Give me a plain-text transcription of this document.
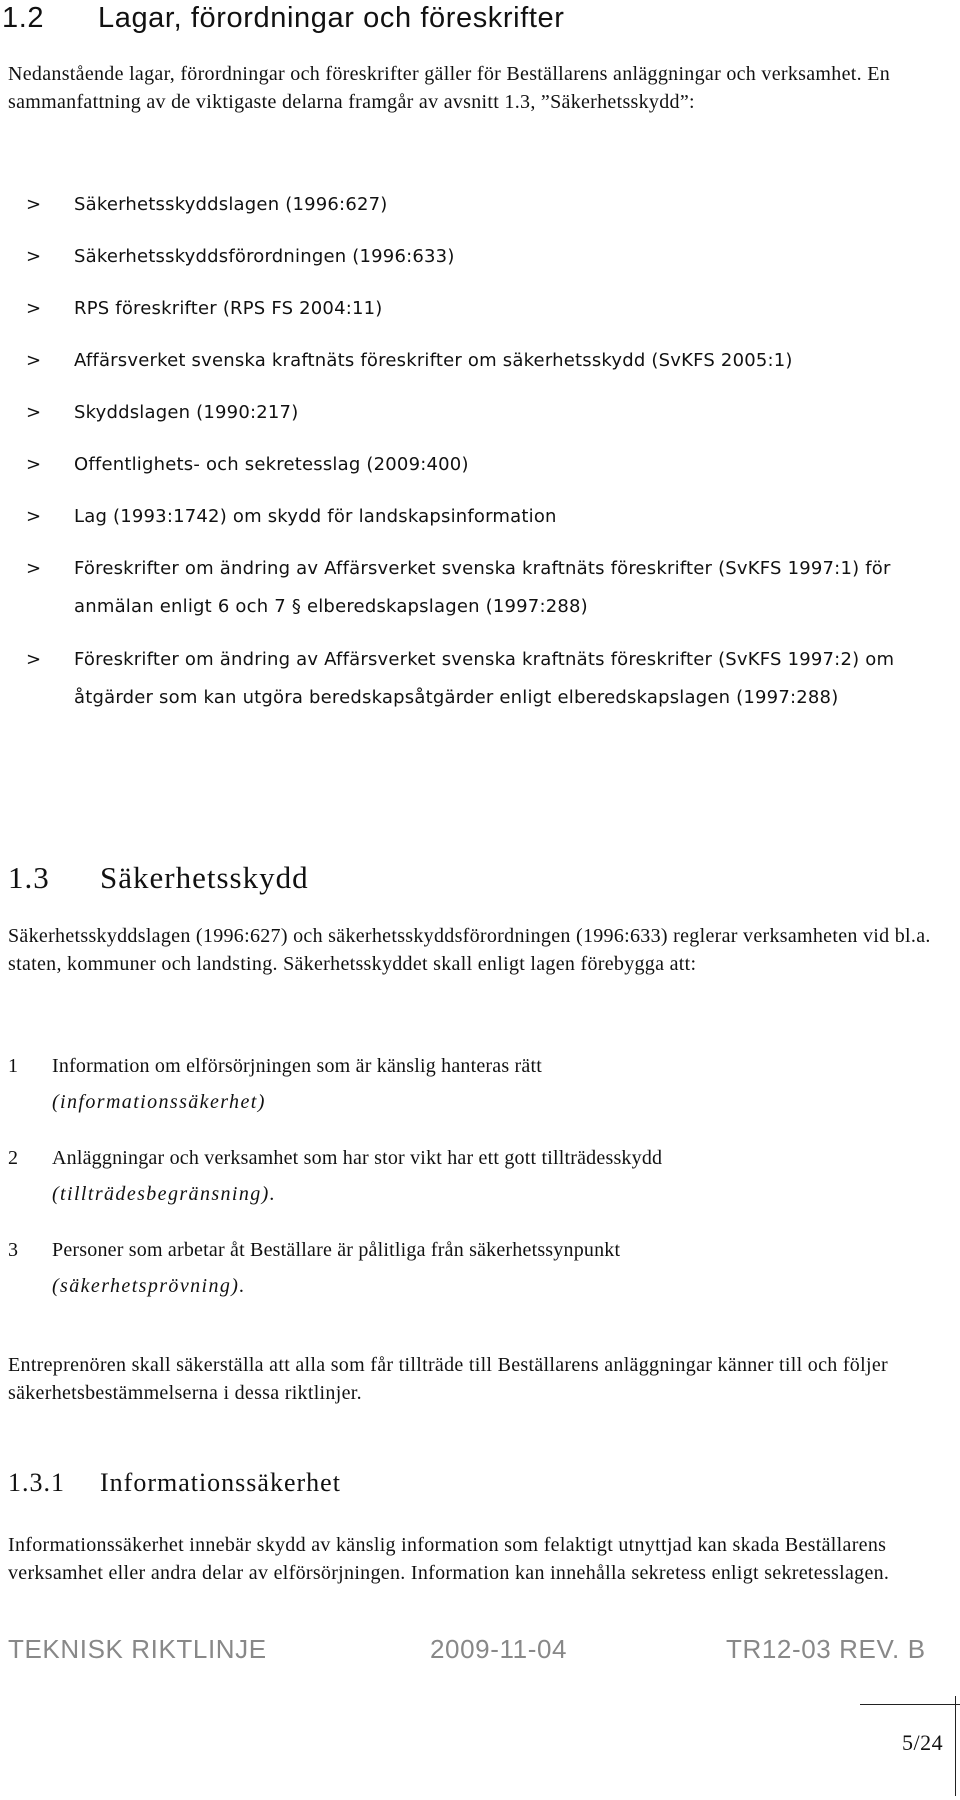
1.2 Lagar, förordningar och föreskrifter
Nedanstående lagar, förordningar och föreskrifter gäller för Beställarens anläggningar och verksamhet. En sammanfattning av de viktigaste delarna framgår av avsnitt 1.3, ”Säkerhetsskydd”:
> Säkerhetsskyddslagen (1996:627)
> Säkerhetsskyddsförordningen (1996:633)
> RPS föreskrifter (RPS FS 2004:11)
> Affärsverket svenska kraftnäts föreskrifter om säkerhetsskydd (SvKFS 2005:1)
> Skyddslagen (1990:217)
> Offentlighets- och sekretesslag (2009:400)
> Lag (1993:1742) om skydd för landskapsinformation
> Föreskrifter om ändring av Affärsverket svenska kraftnäts föreskrifter (SvKFS 1997:1) för anmälan enligt 6 och 7 § elberedskapslagen (1997:288)
> Föreskrifter om ändring av Affärsverket svenska kraftnäts föreskrifter (SvKFS 1997:2) om åtgärder som kan utgöra beredskapsåtgärder enligt elberedskapslagen (1997:288)
1.3 Säkerhetsskydd
Säkerhetsskyddslagen (1996:627) och säkerhetsskyddsförordningen (1996:633) reglerar verksamheten vid bl.a. staten, kommuner och landsting. Säkerhetsskyddet skall enligt lagen förebygga att:
1 Information om elförsörjningen som är känslig hanteras rätt
(informationssäkerhet)
2 Anläggningar och verksamhet som har stor vikt har ett gott tillträdesskydd
(tillträdesbegränsning).
3 Personer som arbetar åt Beställare är pålitliga från säkerhetssynpunkt
(säkerhetsprövning).
Entreprenören skall säkerställa att alla som får tillträde till Beställarens anläggningar känner till och följer säkerhetsbestämmelserna i dessa riktlinjer.
1.3.1 Informationssäkerhet
Informationssäkerhet innebär skydd av känslig information som felaktigt utnyttjad kan skada Beställarens verksamhet eller andra delar av elförsörjningen. Information kan innehålla sekretess enligt sekretesslagen.
TEKNISK RIKTLINJE	2009-11-04	TR12-03 REV. B
5/24
